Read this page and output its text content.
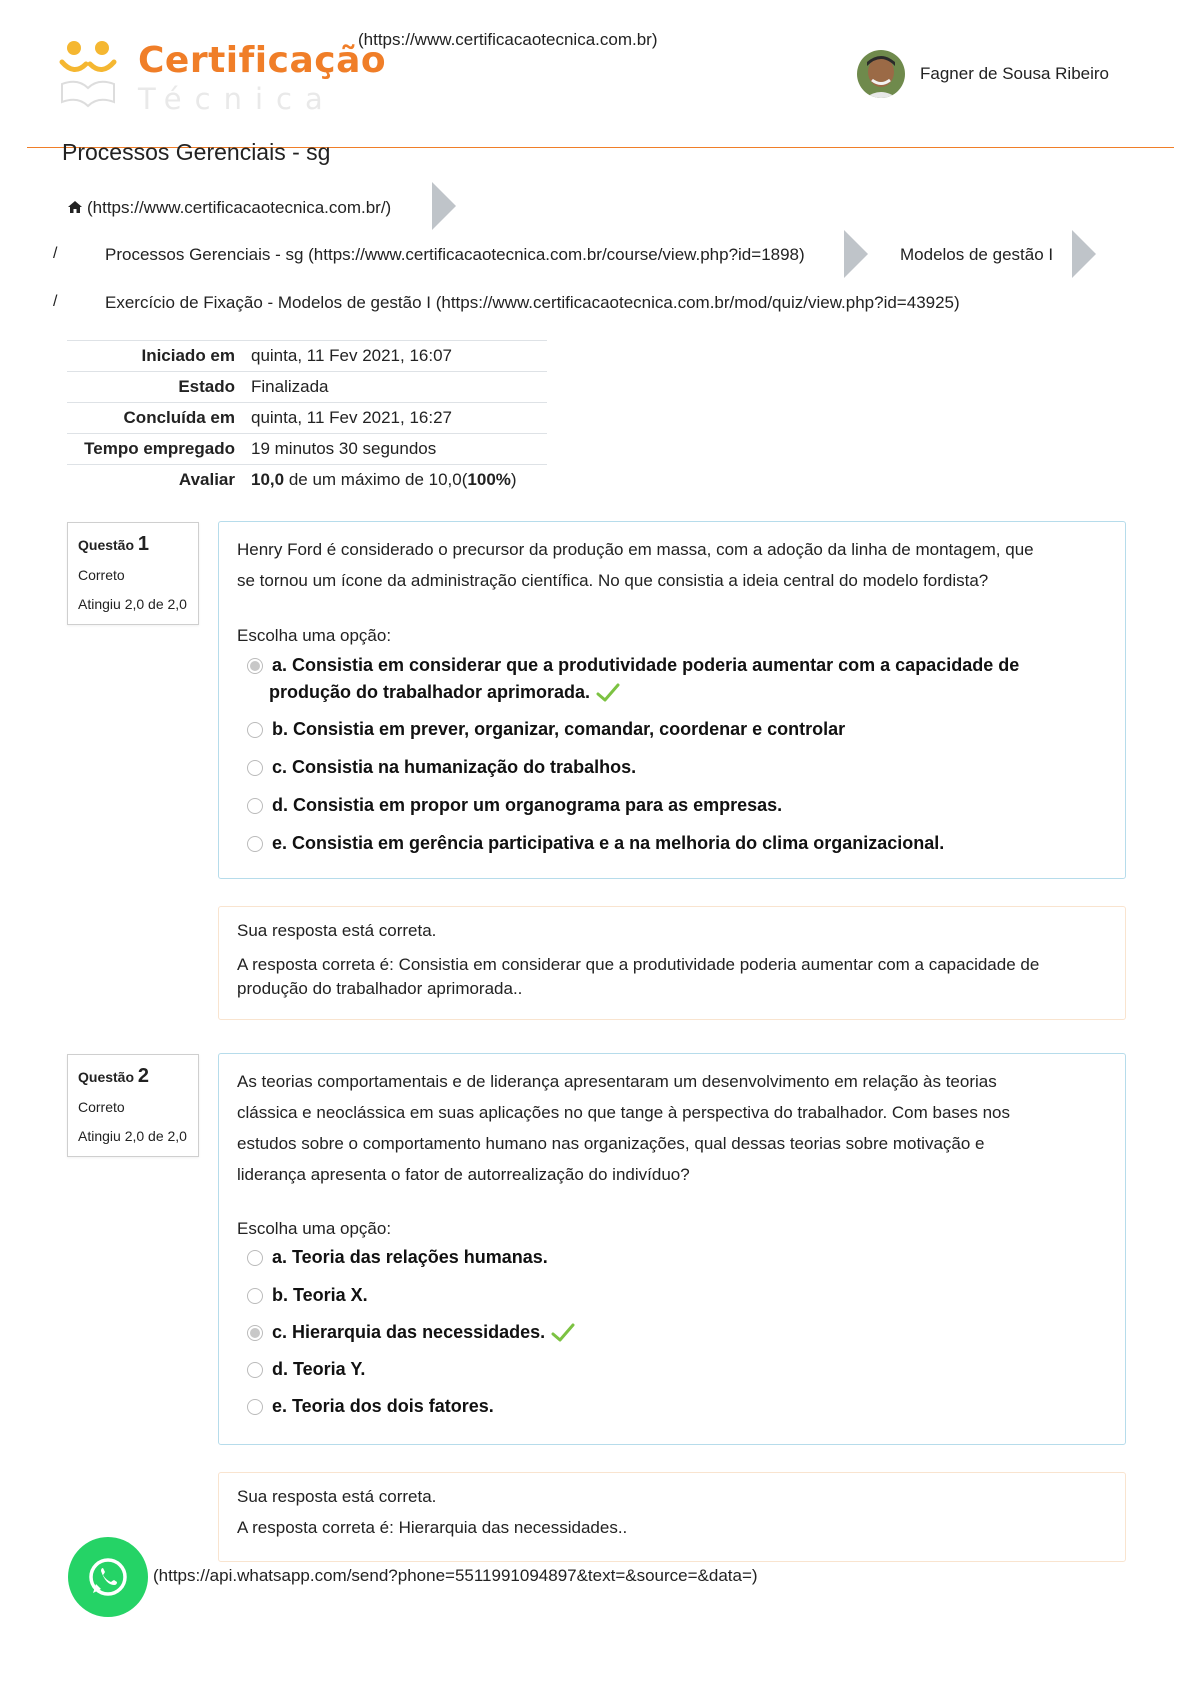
Certificação
Técnica
(https://www.certificacaotecnica.com.br)
Fagner de Sousa Ribeiro
Processos Gerenciais - sg
(https://www.certificacaotecnica.com.br/)
/	Processos Gerenciais - sg (https://www.certificacaotecnica.com.br/course/view.php?id=1898)	Modelos de gestão I
/	Exercício de Fixação - Modelos de gestão I (https://www.certificacaotecnica.com.br/mod/quiz/view.php?id=43925)
Iniciado em	quinta, 11 Fev 2021, 16:07
Estado	Finalizada
Concluída em	quinta, 11 Fev 2021, 16:27
Tempo empregado	19 minutos 30 segundos
Avaliar	10,0 de um máximo de 10,0(100%)
Questão 1
Correto
Atingiu 2,0 de 2,0
Henry Ford é considerado o precursor da produção em massa, com a adoção da linha de montagem, que
se tornou um ícone da administração científica. No que consistia a ideia central do modelo fordista?
Escolha uma opção:
a. Consistia em considerar que a produtividade poderia aumentar com a capacidade de
produção do trabalhador aprimorada.
b. Consistia em prever, organizar, comandar, coordenar e controlar
c. Consistia na humanização do trabalhos.
d. Consistia em propor um organograma para as empresas.
e. Consistia em gerência participativa e a na melhoria do clima organizacional.
Sua resposta está correta.
A resposta correta é: Consistia em considerar que a produtividade poderia aumentar com a capacidade de
produção do trabalhador aprimorada..
Questão 2
Correto
Atingiu 2,0 de 2,0
As teorias comportamentais e de liderança apresentaram um desenvolvimento em relação às teorias
clássica e neoclássica em suas aplicações no que tange à perspectiva do trabalhador. Com bases nos
estudos sobre o comportamento humano nas organizações, qual dessas teorias sobre motivação e
liderança apresenta o fator de autorrealização do indivíduo?
Escolha uma opção:
a. Teoria das relações humanas.
b. Teoria X.
c. Hierarquia das necessidades.
d. Teoria Y.
e. Teoria dos dois fatores.
Sua resposta está correta.
A resposta correta é: Hierarquia das necessidades..
(https://api.whatsapp.com/send?phone=5511991094897&text=&source=&data=)
